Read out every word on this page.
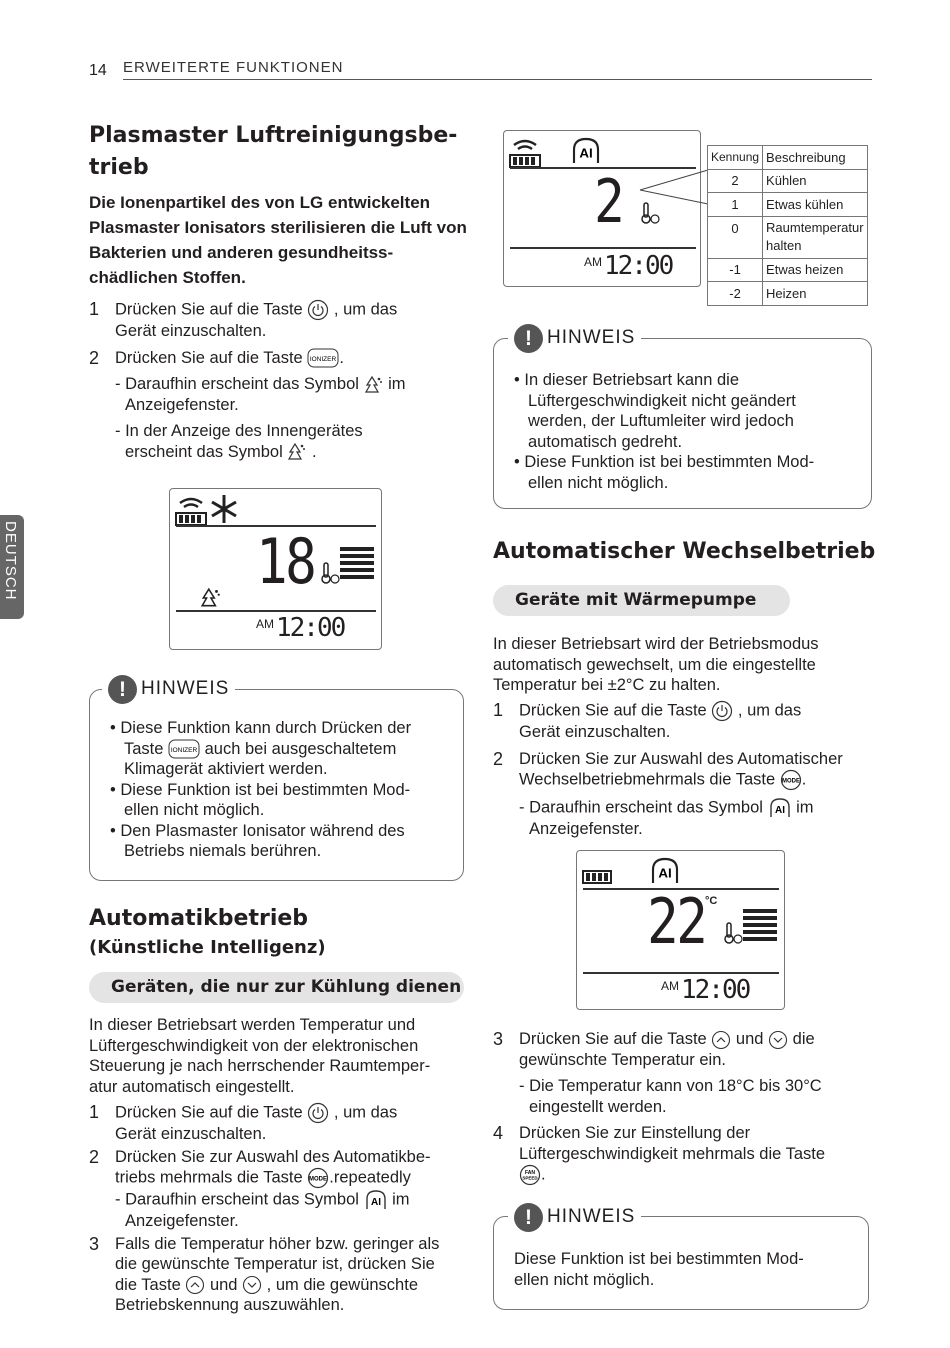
14 ERWEITERTE FUNKTIONEN
DEUTSCH
Plasmaster Luftreinigungsbe-
trieb
Die Ionenpartikel des von LG entwickelten
Plasmaster Ionisators sterilisieren die Luft von
Bakterien und anderen gesundheitss-
chädlichen Stoffen.
1 Drücken Sie auf die Taste , um das
Gerät einzuschalten.
2 Drücken Sie auf die Taste IONIZER .
- Daraufhin erscheint das Symbol im
Anzeigefenster.
- In der Anzeige des Innengerätes
erscheint das Symbol .
18
AM 12:00
! HINWEIS
• Diese Funktion kann durch Drücken der
Taste IONIZER auch bei ausgeschaltetem
Klimagerät aktiviert werden.
• Diese Funktion ist bei bestimmten Mod-
ellen nicht möglich.
• Den Plasmaster Ionisator während des
Betriebs niemals berühren.
Automatikbetrieb
(Künstliche Intelligenz)
Geräten, die nur zur Kühlung dienen
In dieser Betriebsart werden Temperatur und
Lüftergeschwindigkeit von der elektronischen
Steuerung je nach herrschender Raumtemper-
atur automatisch eingestellt.
1 Drücken Sie auf die Taste , um das
Gerät einzuschalten.
2 Drücken Sie zur Auswahl des Automatikbe-
triebs mehrmals die Taste MODE .repeatedly
- Daraufhin erscheint das Symbol AI im
Anzeigefenster.
3 Falls die Temperatur höher bzw. geringer als
die gewünschte Temperatur ist, drücken Sie
die Taste und , um die gewünschte
Betriebskennung auszuwählen.
AI
2
AM 12:00
Kennung	Beschreibung
2	Kühlen
1	Etwas kühlen
0	Raumtemperatur halten
-1	Etwas heizen
-2	Heizen
! HINWEIS
• In dieser Betriebsart kann die
Lüftergeschwindigkeit nicht geändert
werden, der Luftumleiter wird jedoch
automatisch gedreht.
• Diese Funktion ist bei bestimmten Mod-
ellen nicht möglich.
Automatischer Wechselbetrieb
Geräte mit Wärmepumpe
In dieser Betriebsart wird der Betriebsmodus
automatisch gewechselt, um die eingestellte
Temperatur bei ±2°C zu halten.
1 Drücken Sie auf die Taste , um das
Gerät einzuschalten.
2 Drücken Sie zur Auswahl des Automatischer
Wechselbetriebmehrmals die Taste MODE .
- Daraufhin erscheint das Symbol AI im
Anzeigefenster.
AI
22 °C
AM 12:00
3 Drücken Sie auf die Taste und die
gewünschte Temperatur ein.
- Die Temperatur kann von 18°C bis 30°C
eingestellt werden.
4 Drücken Sie zur Einstellung der
Lüftergeschwindigkeit mehrmals die Taste

FAN
SPEED .
! HINWEIS
Diese Funktion ist bei bestimmten Mod-
ellen nicht möglich.
